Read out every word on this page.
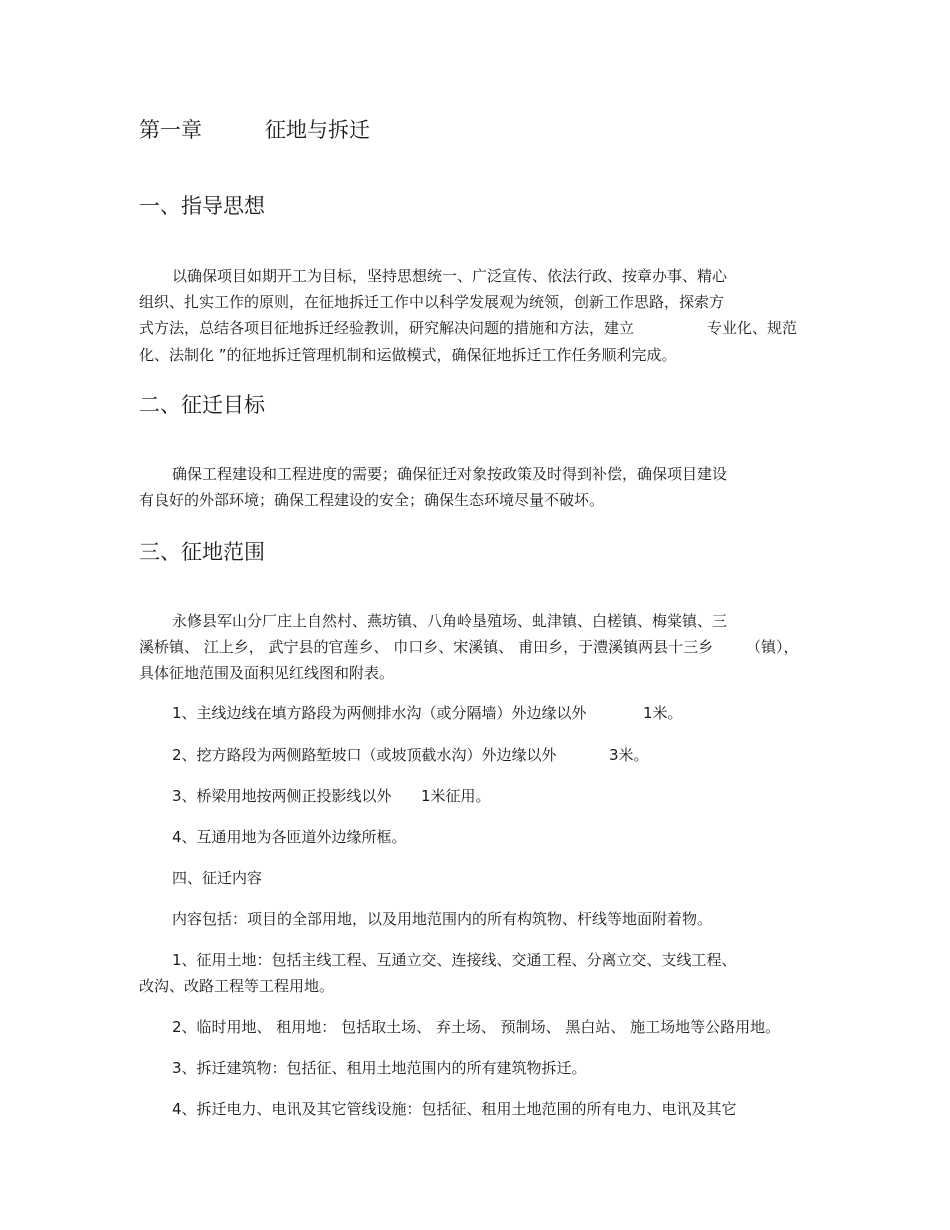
第一章	征地与拆迁
一、指导思想
以确保项目如期开工为目标，坚持思想统一、广泛宣传、依法行政、按章办事、精心
组织、扎实工作的原则，在征地拆迁工作中以科学发展观为统领，创新工作思路，探索方
式方法，总结各项目征地拆迁经验教训，研究解决问题的措施和方法，建立	专业化、规范
化、法制化 ”的征地拆迁管理机制和运做模式，确保征地拆迁工作任务顺利完成。
二、征迁目标
确保工程建设和工程进度的需要；确保征迁对象按政策及时得到补偿，确保项目建设
有良好的外部环境；确保工程建设的安全；确保生态环境尽量不破坏。
三、征地范围
永修县军山分厂庄上自然村、燕坊镇、八角岭垦殖场、虬津镇、白槎镇、梅棠镇、三
溪桥镇、 江上乡， 武宁县的官莲乡、 巾口乡、宋溪镇、 甫田乡，于澧溪镇两县十三乡 （镇），
具体征地范围及面积见红线图和附表。
1、主线边线在填方路段为两侧排水沟（或分隔墙）外边缘以外	1米。
2、挖方路段为两侧路堑坡口（或坡顶截水沟）外边缘以外	3米。
3、桥梁用地按两侧正投影线以外 1米征用。
4、互通用地为各匝道外边缘所框。
四、征迁内容
内容包括：项目的全部用地，以及用地范围内的所有构筑物、杆线等地面附着物。
1、征用土地：包括主线工程、互通立交、连接线、交通工程、分离立交、支线工程、
改沟、改路工程等工程用地。
2、临时用地、 租用地： 包括取土场、 弃土场、 预制场、 黑白站、 施工场地等公路用地。
3、拆迁建筑物：包括征、租用土地范围内的所有建筑物拆迁。
4、拆迁电力、电讯及其它管线设施：包括征、租用土地范围的所有电力、电讯及其它
